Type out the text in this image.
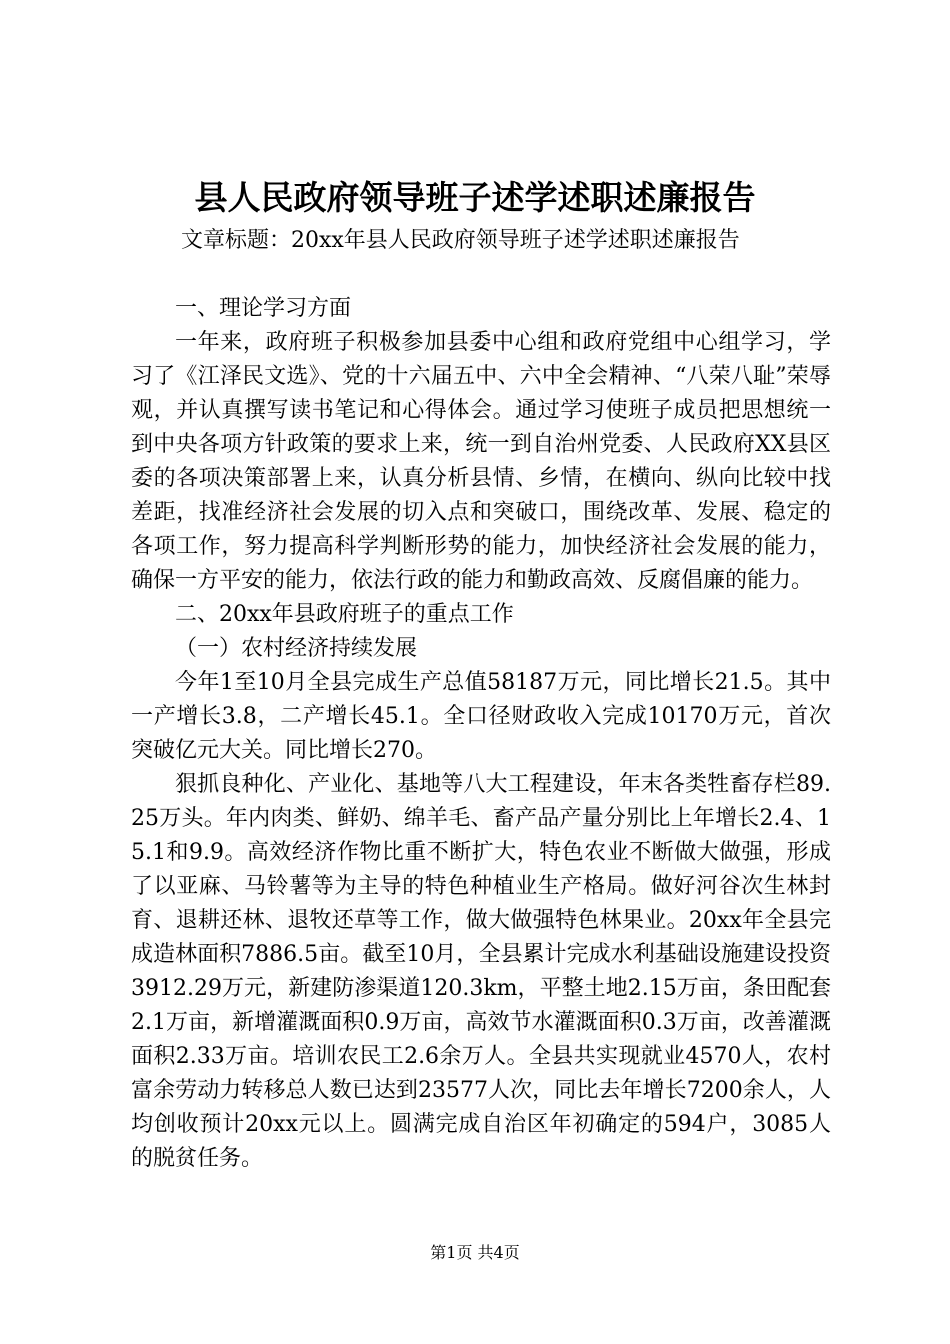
县人民政府领导班子述学述职述廉报告

文章标题：20xx年县人民政府领导班子述学述职述廉报告

一、理论学习方面

一年来，政府班子积极参加县委中心组和政府党组中心组学习，学习了《江泽民文选》、党的十六届五中、六中全会精神、“八荣八耻”荣辱观，并认真撰写读书笔记和心得体会。通过学习使班子成员把思想统一到中央各项方针政策的要求上来，统一到自治州党委、人民政府XX县区委的各项决策部署上来，认真分析县情、乡情，在横向、纵向比较中找差距，找准经济社会发展的切入点和突破口，围绕改革、发展、稳定的各项工作，努力提高科学判断形势的能力，加快经济社会发展的能力，确保一方平安的能力，依法行政的能力和勤政高效、反腐倡廉的能力。

二、20xx年县政府班子的重点工作

（一）农村经济持续发展

今年1至10月全县完成生产总值58187万元，同比增长21.5。其中一产增长3.8，二产增长45.1。全口径财政收入完成10170万元，首次突破亿元大关。同比增长270。

狠抓良种化、产业化、基地等八大工程建设，年末各类牲畜存栏89.25万头。年内肉类、鲜奶、绵羊毛、畜产品产量分别比上年增长2.4、15.1和9.9。高效经济作物比重不断扩大，特色农业不断做大做强，形成了以亚麻、马铃薯等为主导的特色种植业生产格局。做好河谷次生林封育、退耕还林、退牧还草等工作，做大做强特色林果业。20xx年全县完成造林面积7886.5亩。截至10月，全县累计完成水利基础设施建设投资3912.29万元，新建防渗渠道120.3km，平整土地2.15万亩，条田配套2.1万亩，新增灌溉面积0.9万亩，高效节水灌溉面积0.3万亩，改善灌溉面积2.33万亩。培训农民工2.6余万人。全县共实现就业4570人，农村富余劳动力转移总人数已达到23577人次，同比去年增长7200余人，人均创收预计20xx元以上。圆满完成自治区年初确定的594户，3085人的脱贫任务。

第1页 共4页
